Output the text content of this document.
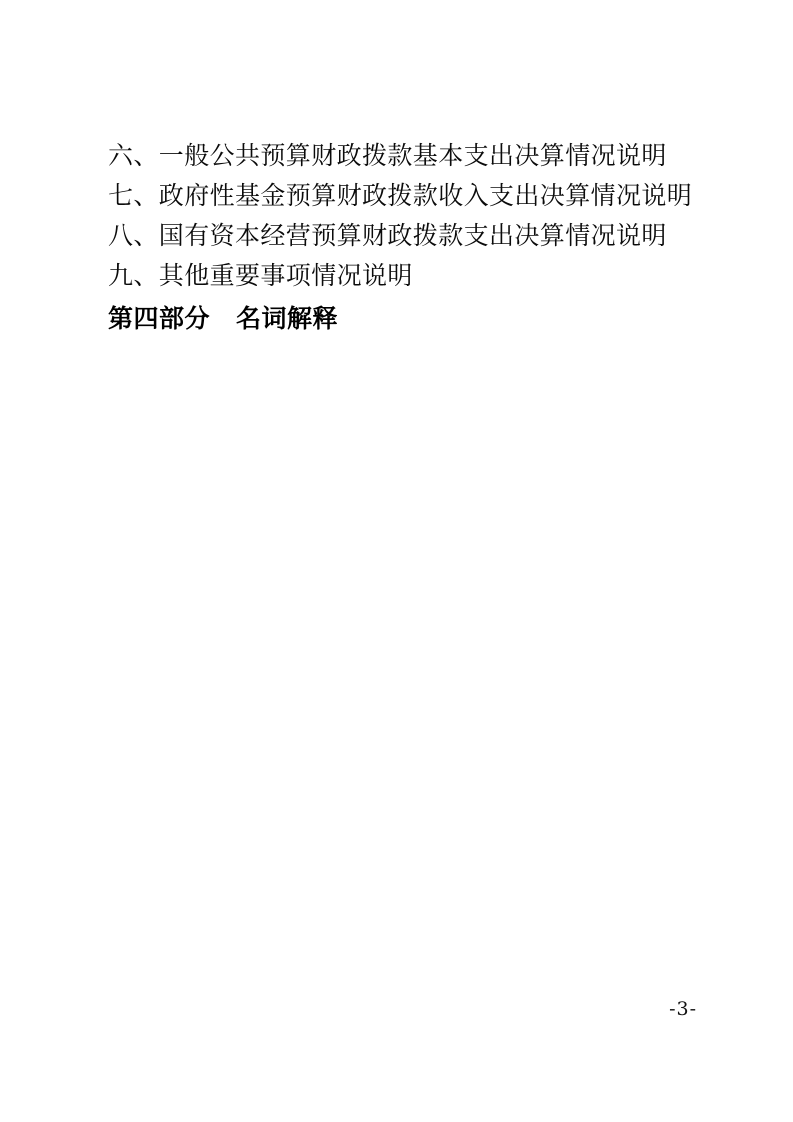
六、一般公共预算财政拨款基本支出决算情况说明
七、政府性基金预算财政拨款收入支出决算情况说明
八、国有资本经营预算财政拨款支出决算情况说明
九、其他重要事项情况说明
第四部分 名词解释
-3-
